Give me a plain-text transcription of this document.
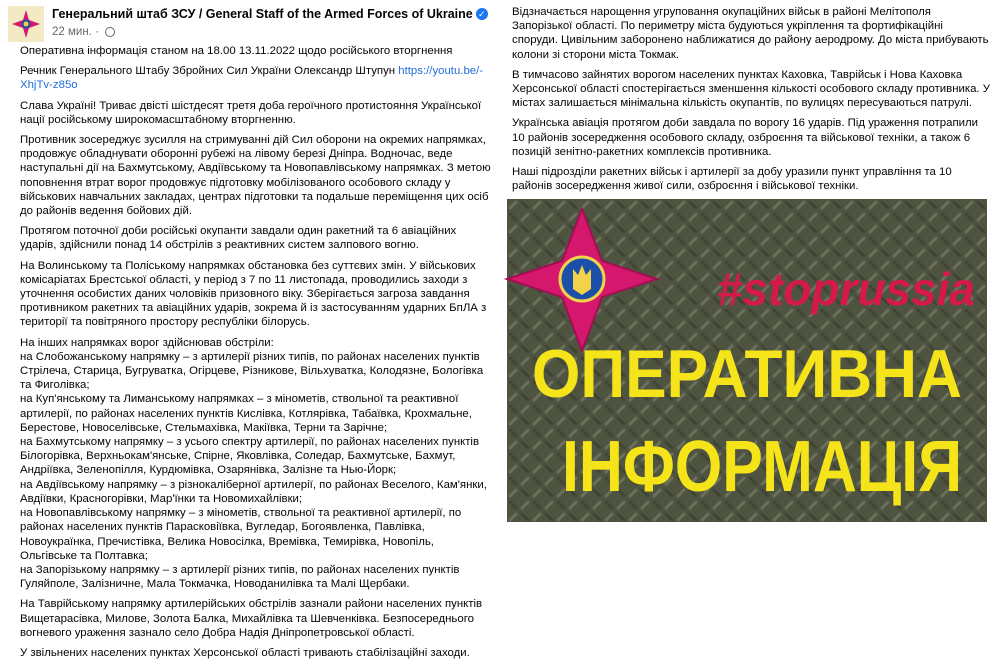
Генеральний штаб ЗСУ / General Staff of the Armed Forces of Ukraine ✓
22 мин. ·

Оперативна інформація станом на 18.00 13.11.2022 щодо російського вторгнення

Речник Генерального Штабу Збройних Сил України Олександр Штупун https://youtu.be/-XhjTv-z85o

Слава Україні! Триває двісті шістдесят третя доба героїчного протистояння Української нації російському широкомасштабному вторгненню.

Противник зосереджує зусилля на стримуванні дій Сил оборони на окремих напрямках, продовжує обладнувати оборонні рубежі на лівому березі Дніпра. Водночас, веде наступальні дії на Бахмутському, Авдіївському та Новопавлівському напрямках. З метою поповнення втрат ворог продовжує підготовку мобілізованого особового складу у військових навчальних закладах, центрах підготовки та подальше переміщення цих осіб до районів ведення бойових дій.

Протягом поточної доби російські окупанти завдали один ракетний та 6 авіаційних ударів, здійснили понад 14 обстрілів з реактивних систем залпового вогню.

На Волинському та Поліському напрямках обстановка без суттєвих змін. У військових комісаріатах Брестської області, у період з 7 по 11 листопада, проводились заходи з уточнення особистих даних чоловіків призовного віку. Зберігається загроза завдання противником ракетних та авіаційних ударів, зокрема й із застосуванням ударних БпЛА з території та повітряного простору республіки білорусь.

На інших напрямках ворог здійснював обстріли:
на Слобожанському напрямку – з артилерії різних типів, по районах населених пунктів Стрілеча, Старица, Бугруватка, Огірцеве, Різникове, Вільхуватка, Колодязне, Бологівка та Фиголівка;
на Куп'янському та Лиманському напрямках – з мінометів, ствольної та реактивної артилерії, по районах населених пунктів Кислівка, Котлярівка, Табаївка, Крохмальне, Берестове, Новоселівське, Стельмахівка, Макіївка, Терни та Зарічне;
на Бахмутському напрямку – з усього спектру артилерії, по районах населених пунктів Білогорівка, Верхньокам'янське, Спірне, Яковлівка, Соледар, Бахмутське, Бахмут, Андріївка, Зеленопілля, Курдюмівка, Озарянівка, Залізне та Нью-Йорк;
на Авдіївському напрямку – з різнокаліберної артилерії, по районах Веселого, Кам'янки, Авдіївки, Красногорівки, Мар'їнки та Новомихайлівки;
на Новопавлівському напрямку – з мінометів, ствольної та реактивної артилерії, по районах населених пунктів Парасковіївка, Вугледар, Богоявленка, Павлівка, Новоукраїнка, Пречистівка, Велика Новосілка, Времівка, Темирівка, Новопіль, Ольгівське та Полтавка;
на Запорізькому напрямку – з артилерії різних типів, по районах населених пунктів Гуляйполе, Залізничне, Мала Токмачка, Новоданилівка та Малі Щербаки.

На Таврійському напрямку артилерійських обстрілів зазнали райони населених пунктів Вищетарасівка, Милове, Золота Балка, Михайлівка та Шевченківка. Безпосереднього вогневого ураження зазнало село Добра Надія Дніпропетровської області.

У звільнених населених пунктах Херсонської області тривають стабілізаційні заходи.

Відзначається нарощення угруповання окупаційних військ в районі Мелітополя Запорізької області. По периметру міста будуються укріплення та фортифікаційні споруди. Цивільним заборонено наближатися до району аеродрому. До міста прибувають колони зі сторони міста Токмак.

В тимчасово зайнятих ворогом населених пунктах Каховка, Таврійськ і Нова Каховка Херсонської області спостерігається зменшення кількості особового складу противника. У містах залишається мінімальна кількість окупантів, по вулицях пересуваються патрулі.

Українська авіація протягом доби завдала по ворогу 16 ударів. Під ураження потрапили 10 районів зосередження особового складу, озброєння та військової техніки, а також 6 позицій зенітно-ракетних комплексів противника.

Наші підрозділи ракетних військ і артилерії за добу уразили пункт управління та 10 районів зосередження живої сили, озброєння і військової техніки.

#stoprussia
ОПЕРАТИВНА
ІНФОРМАЦІЯ
